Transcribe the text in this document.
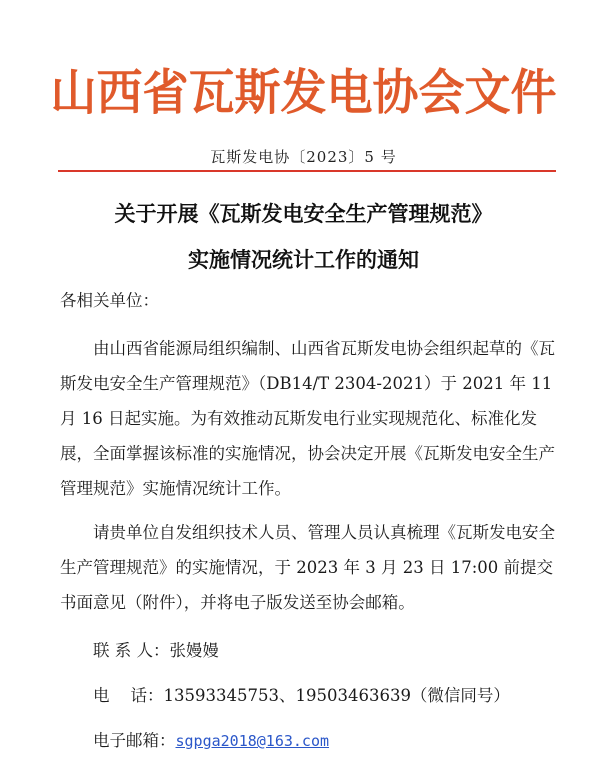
山西省瓦斯发电协会文件
瓦斯发电协〔2023〕5 号
关于开展《瓦斯发电安全生产管理规范》
实施情况统计工作的通知
各相关单位：
由山西省能源局组织编制、山西省瓦斯发电协会组织起草的《瓦斯发电安全生产管理规范》（DB14/T 2304-2021）于 2021 年 11 月 16 日起实施。为有效推动瓦斯发电行业实现规范化、标准化发展，全面掌握该标准的实施情况，协会决定开展《瓦斯发电安全生产管理规范》实施情况统计工作。
请贵单位自发组织技术人员、管理人员认真梳理《瓦斯发电安全生产管理规范》的实施情况，于 2023 年 3 月 23 日 17:00 前提交书面意见（附件），并将电子版发送至协会邮箱。
联 系 人：张嫚嫚
电    话：13593345753、19503463639（微信同号）
电子邮箱：sgpga2018@163.com
